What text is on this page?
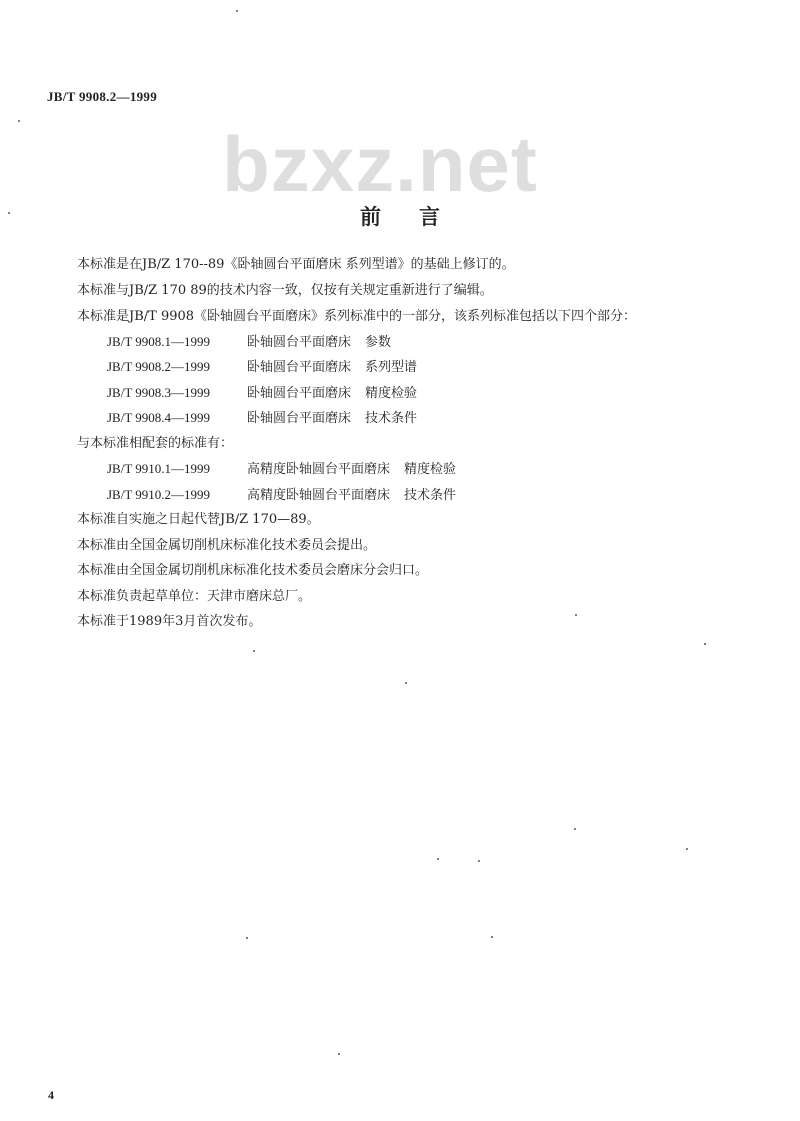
JB/T 9908.2—1999
bzxz.net
前 言
本标准是在JB/Z 170--89《卧轴圆台平面磨床 系列型谱》的基础上修订的。
本标准与JB/Z 170 89的技术内容一致，仅按有关规定重新进行了编辑。
本标准是JB/T 9908《卧轴圆台平面磨床》系列标准中的一部分，该系列标准包括以下四个部分：
JB/T 9908.1—1999	卧轴圆台平面磨床 参数
JB/T 9908.2—1999	卧轴圆台平面磨床 系列型谱
JB/T 9908.3—1999	卧轴圆台平面磨床 精度检验
JB/T 9908.4—1999	卧轴圆台平面磨床 技术条件
与本标准相配套的标准有：
JB/T 9910.1—1999	高精度卧轴圆台平面磨床 精度检验
JB/T 9910.2—1999	高精度卧轴圆台平面磨床 技术条件
本标准自实施之日起代替JB/Z 170—89。
本标准由全国金属切削机床标准化技术委员会提出。
本标准由全国金属切削机床标准化技术委员会磨床分会归口。
本标准负责起草单位：天津市磨床总厂。
本标准于1989年3月首次发布。
4
